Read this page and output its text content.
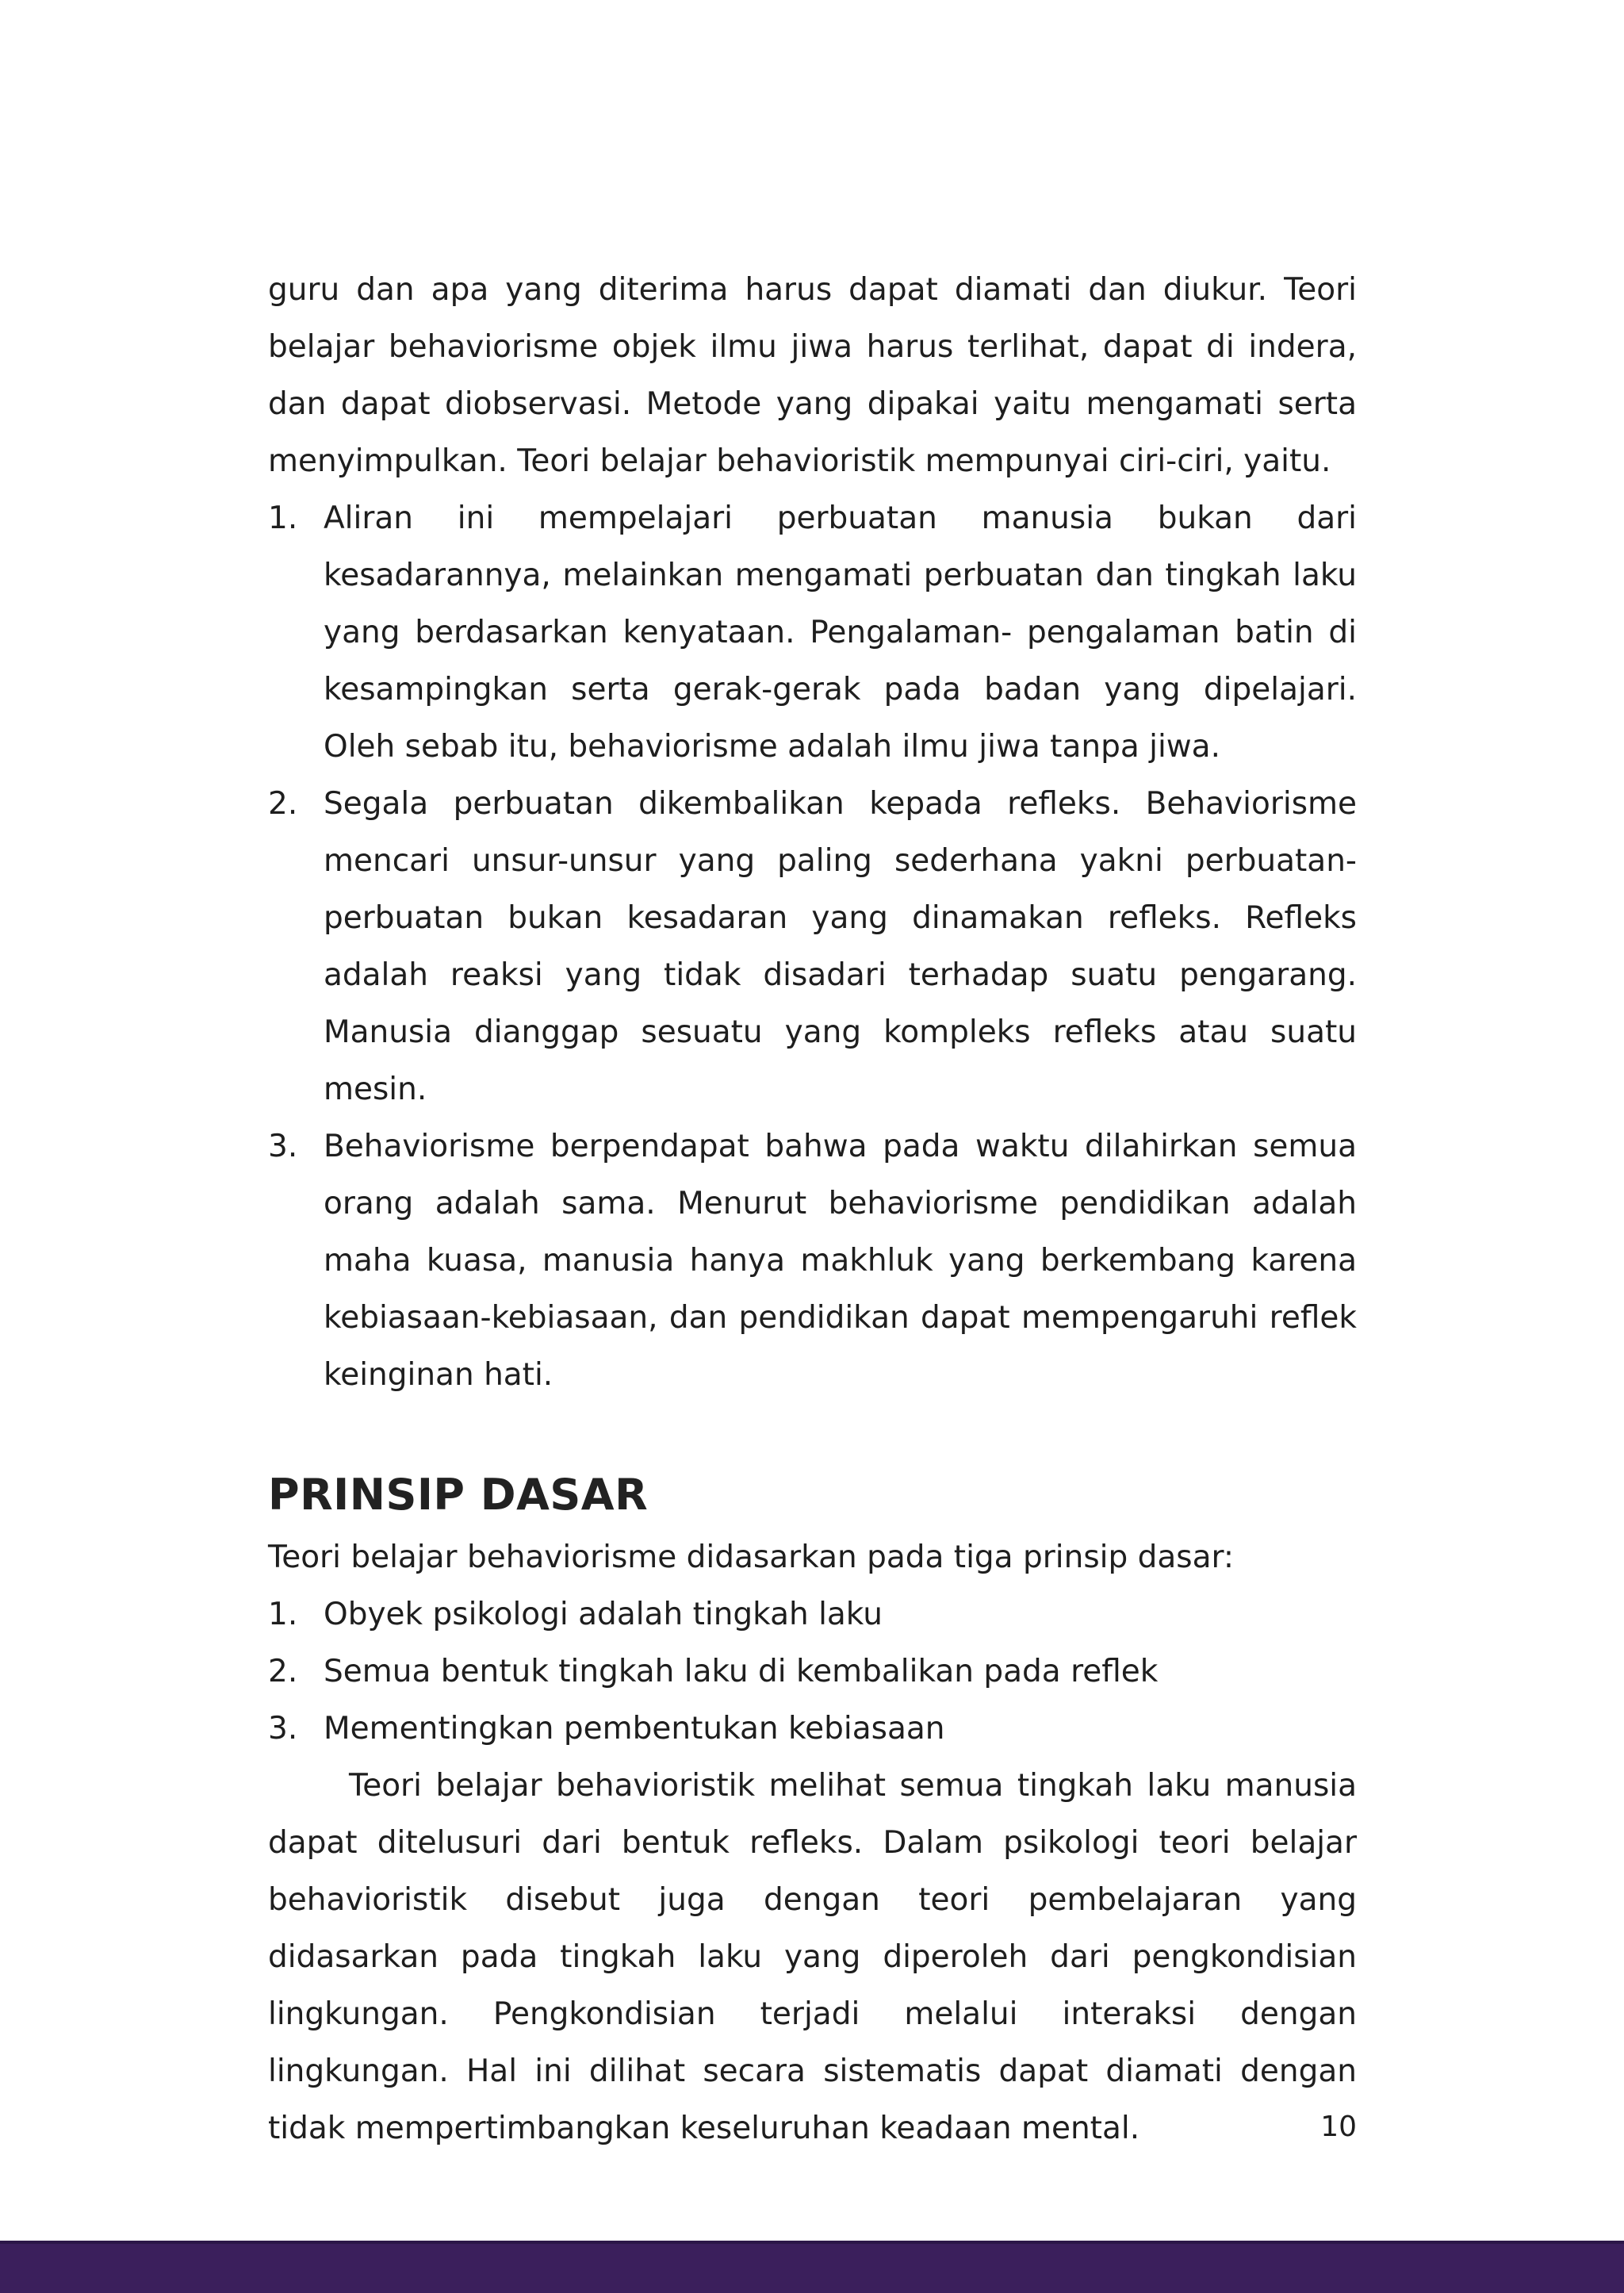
guru dan apa yang diterima harus dapat diamati dan diukur. Teori belajar behaviorisme objek ilmu jiwa harus terlihat, dapat di indera, dan dapat diobservasi. Metode yang dipakai yaitu mengamati serta menyimpulkan. Teori belajar behavioristik mempunyai ciri-ciri, yaitu.

1. Aliran ini mempelajari perbuatan manusia bukan dari kesadarannya, melainkan mengamati perbuatan dan tingkah laku yang berdasarkan kenyataan. Pengalaman- pengalaman batin di kesampingkan serta gerak-gerak pada badan yang dipelajari. Oleh sebab itu, behaviorisme adalah ilmu jiwa tanpa jiwa.
2. Segala perbuatan dikembalikan kepada refleks. Behaviorisme mencari unsur-unsur yang paling sederhana yakni perbuatan-perbuatan bukan kesadaran yang dinamakan refleks. Refleks adalah reaksi yang tidak disadari terhadap suatu pengarang. Manusia dianggap sesuatu yang kompleks refleks atau suatu mesin.
3. Behaviorisme berpendapat bahwa pada waktu dilahirkan semua orang adalah sama. Menurut behaviorisme pendidikan adalah maha kuasa, manusia hanya makhluk yang berkembang karena kebiasaan-kebiasaan, dan pendidikan dapat mempengaruhi reflek keinginan hati.
PRINSIP DASAR

Teori belajar behaviorisme didasarkan pada tiga prinsip dasar:

1. Obyek psikologi adalah tingkah laku
2. Semua bentuk tingkah laku di kembalikan pada reflek
3. Mementingkan pembentukan kebiasaan

Teori belajar behavioristik melihat semua tingkah laku manusia dapat ditelusuri dari bentuk refleks. Dalam psikologi teori belajar behavioristik disebut juga dengan teori pembelajaran yang didasarkan pada tingkah laku yang diperoleh dari pengkondisian lingkungan. Pengkondisian terjadi melalui interaksi dengan lingkungan. Hal ini dilihat secara sistematis dapat diamati dengan tidak mempertimbangkan keseluruhan keadaan mental.	10
